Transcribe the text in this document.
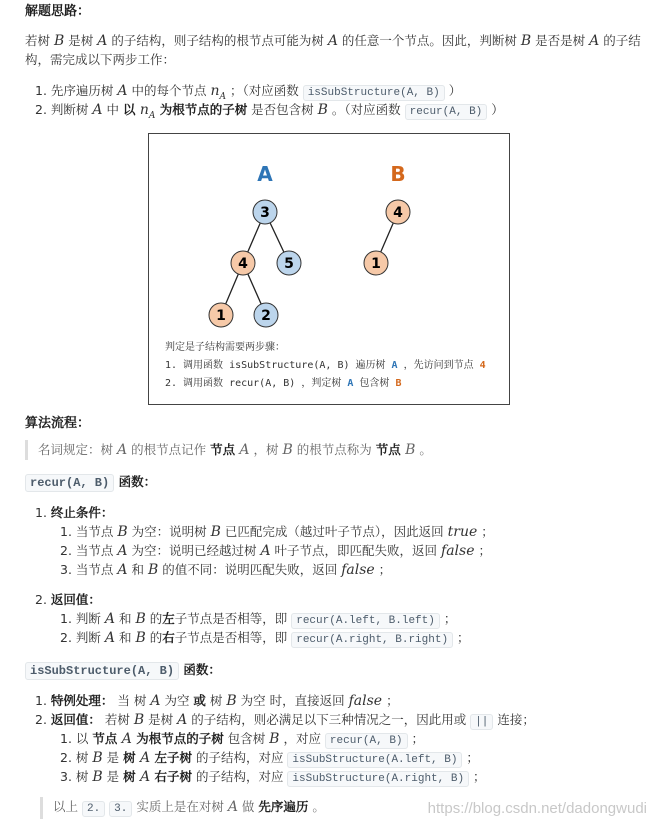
解题思路：
若树 B 是树 A 的子结构，则子结构的根节点可能为树 A 的任意一个节点。因此，判断树 B 是否是树 A 的子结
构，需完成以下两步工作：
1. 先序遍历树 A 中的每个节点 $n_A$ ；（对应函数 isSubStructure(A, B) ）
2. 判断树 A 中 以 $n_A$ 为根节点的子树 是否包含树 B 。（对应函数 recur(A, B) ）
3
4	5
1	2
4
1
A	B
判定是子结构需要两步骤：
1. 调用函数 isSubStructure(A, B) 遍历树 A ，先访问到节点 4
2. 调用函数 recur(A, B) ，判定树 A 包含树 B
算法流程：
名词规定：树 A 的根节点记作 节点 A ，树 B 的根节点称为 节点 B 。
recur(A, B) 函数：
1. 终止条件：
1. 当节点 B 为空：说明树 B 已匹配完成（越过叶子节点），因此返回 true ；
2. 当节点 A 为空：说明已经越过树 A 叶子节点，即匹配失败，返回 false ；
3. 当节点 A 和 B 的值不同：说明匹配失败，返回 false ；
2. 返回值：
1. 判断 A 和 B 的左子节点是否相等，即 recur(A.left, B.left) ；
2. 判断 A 和 B 的右子节点是否相等，即 recur(A.right, B.right) ；
isSubStructure(A, B) 函数：
1. 特例处理： 当 树 A 为空 或 树 B 为空 时，直接返回 false ；
2. 返回值： 若树 B 是树 A 的子结构，则必满足以下三种情况之一，因此用或 || 连接；
1. 以 节点 A 为根节点的子树 包含树 B ，对应 recur(A, B) ；
2. 树 B 是 树 A 左子树 的子结构，对应 isSubStructure(A.left, B) ；
3. 树 B 是 树 A 右子树 的子结构，对应 isSubStructure(A.right, B) ；
以上 2. 3. 实质上是在对树 A 做 先序遍历 。	https://blog.csdn.net/dadongwudi
